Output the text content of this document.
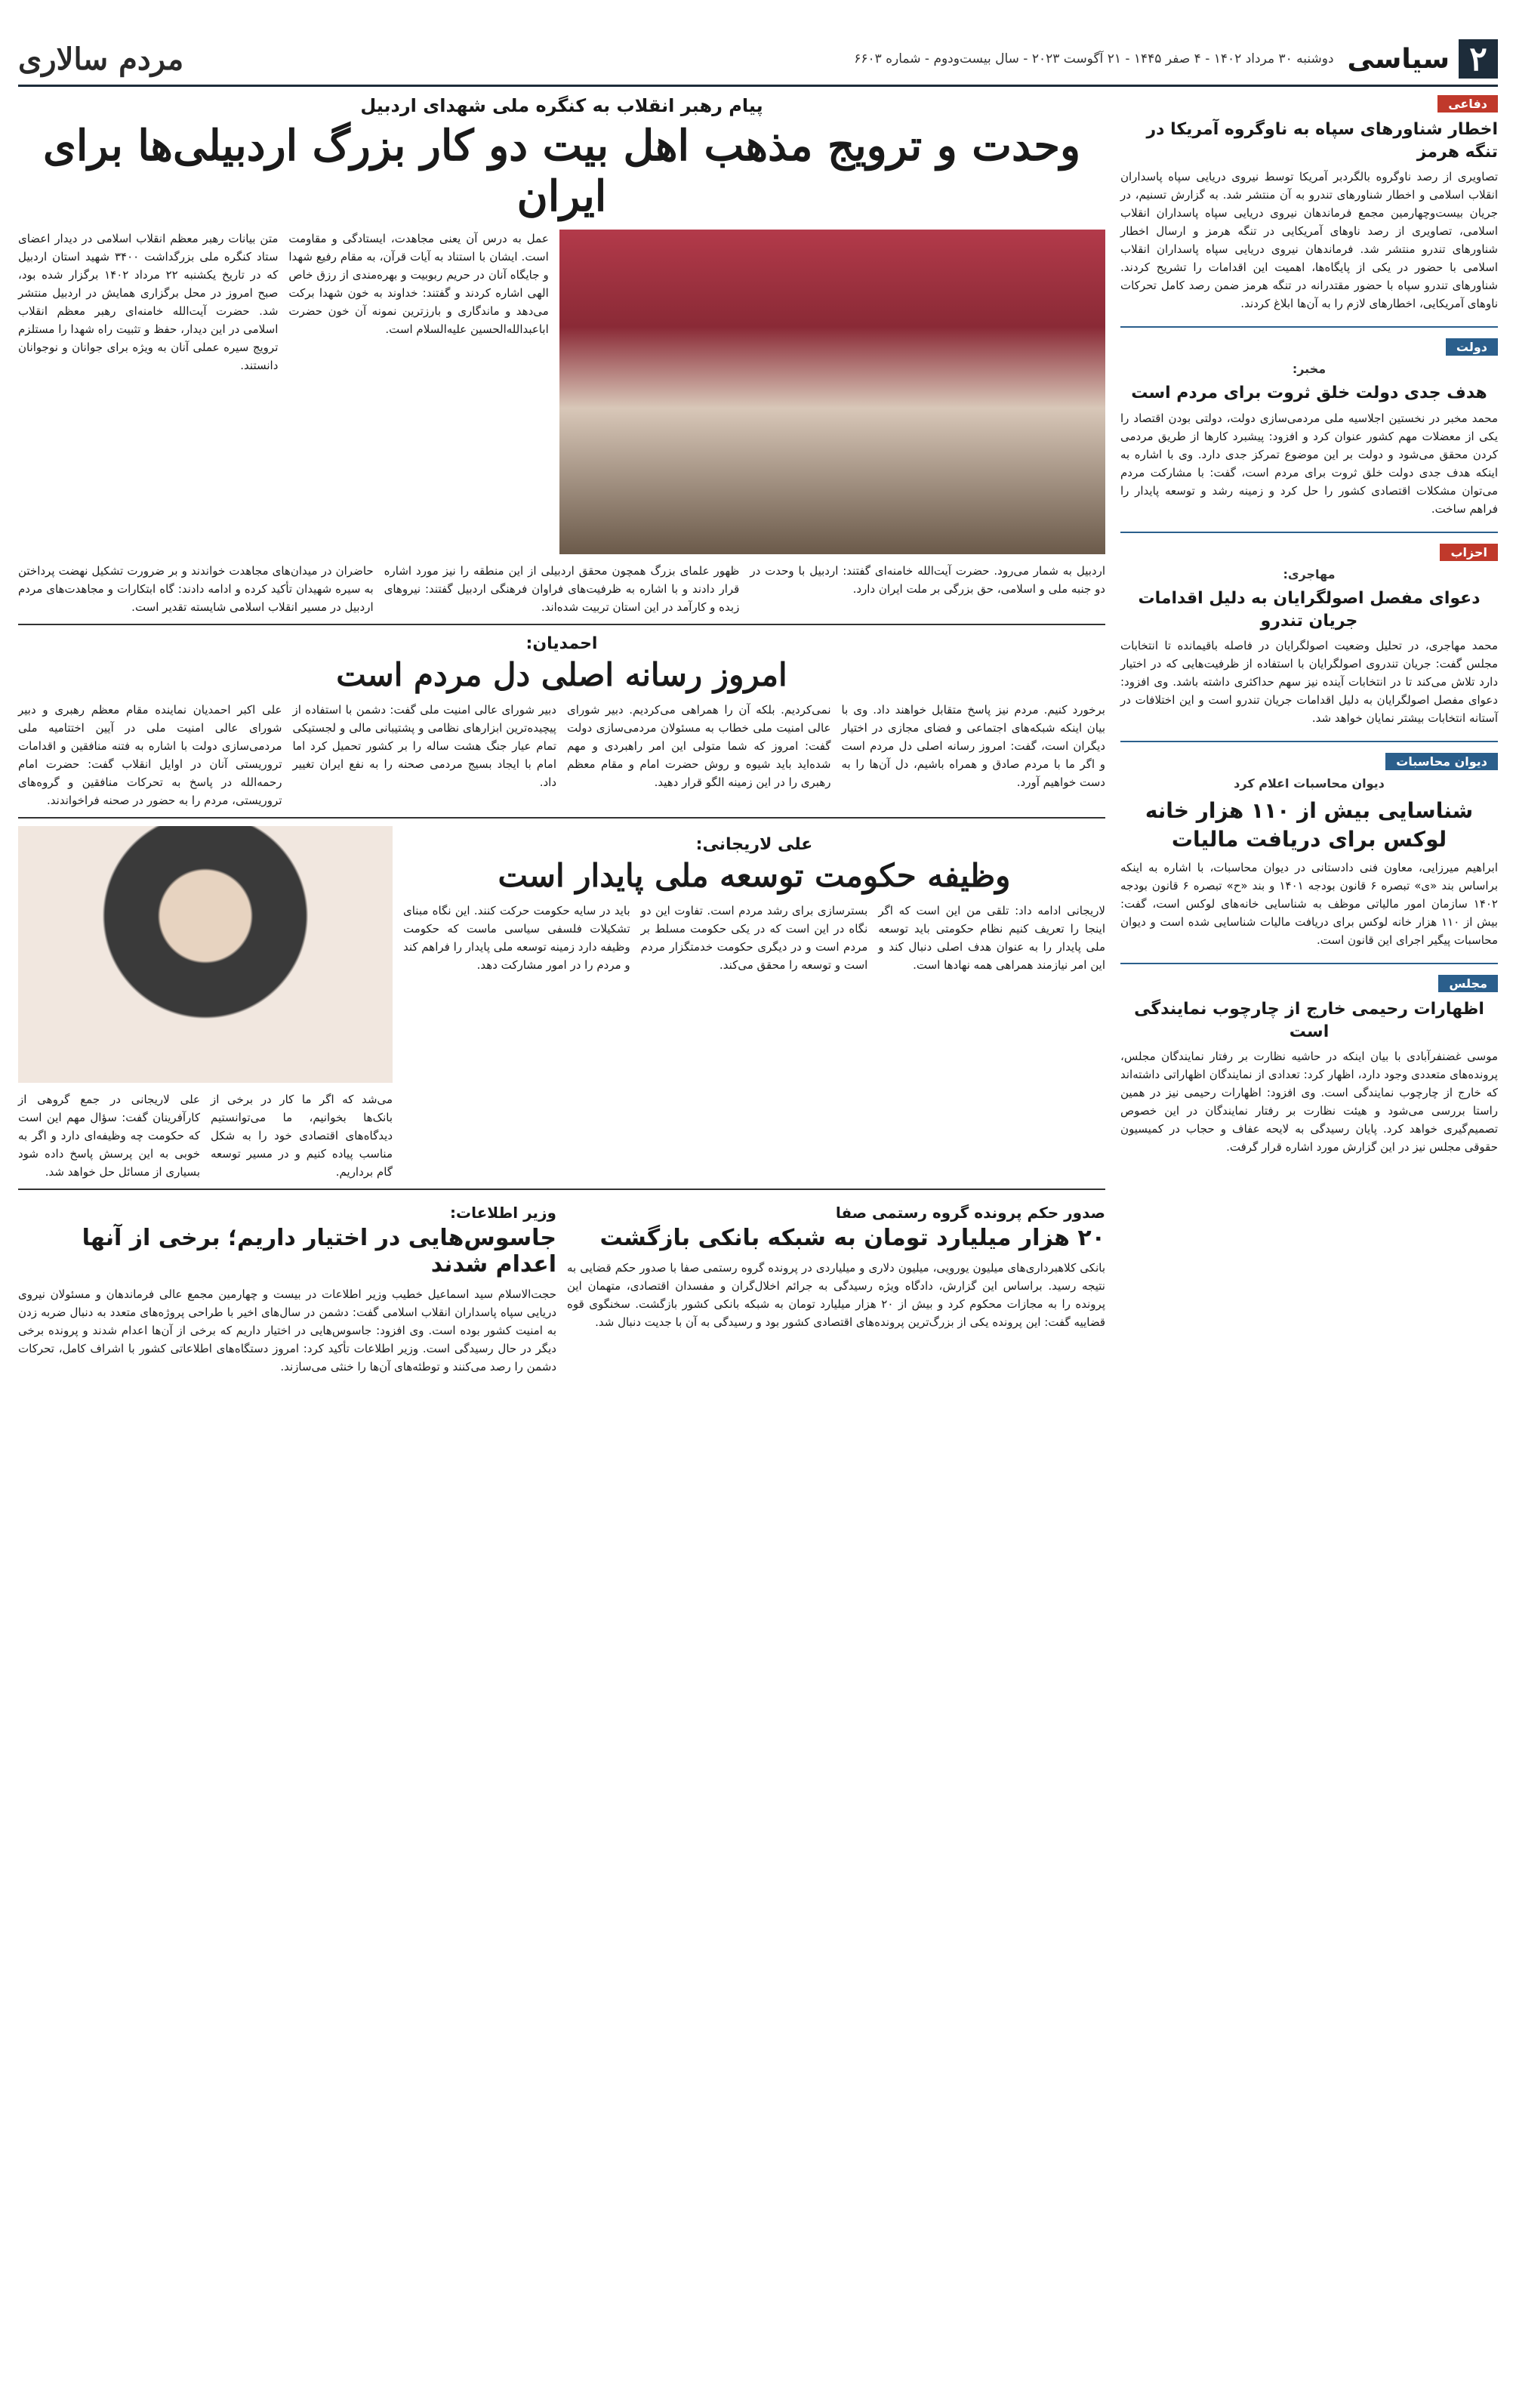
۲
سیاسی
دوشنبه ۳۰ مرداد ۱۴۰۲ - ۴ صفر ۱۴۴۵ - ۲۱ آگوست ۲۰۲۳ - سال بیست‌ودوم - شماره ۶۶۰۳
مردم سالاری
دفاعی
اخطار شناورهای سپاه به ناوگروه آمریکا در تنگه هرمز
تصاویری از رصد ناوگروه بالگردبر آمریکا توسط نیروی دریایی سپاه پاسداران انقلاب اسلامی و اخطار شناورهای تندرو به آن منتشر شد. به گزارش تسنیم، در جریان بیست‌وچهارمین مجمع فرماندهان نیروی دریایی سپاه پاسداران انقلاب اسلامی، تصاویری از رصد ناوهای آمریکایی در تنگه هرمز و ارسال اخطار شناورهای تندرو منتشر شد. فرماندهان نیروی دریایی سپاه پاسداران انقلاب اسلامی با حضور در یکی از پایگاه‌ها، اهمیت این اقدامات را تشریح کردند. شناورهای تندرو سپاه با حضور مقتدرانه در تنگه هرمز ضمن رصد کامل تحرکات ناوهای آمریکایی، اخطارهای لازم را به آن‌ها ابلاغ کردند.
دولت
مخبر:
هدف جدی دولت خلق ثروت برای مردم است
محمد مخبر در نخستین اجلاسیه ملی مردمی‌سازی دولت، دولتی بودن اقتصاد را یکی از معضلات مهم کشور عنوان کرد و افزود: پیشبرد کارها از طریق مردمی کردن محقق می‌شود و دولت بر این موضوع تمرکز جدی دارد. وی با اشاره به اینکه هدف جدی دولت خلق ثروت برای مردم است، گفت: با مشارکت مردم می‌توان مشکلات اقتصادی کشور را حل کرد و زمینه رشد و توسعه پایدار را فراهم ساخت.
احزاب
مهاجری:
دعوای مفصل اصولگرایان به دلیل اقدامات جریان تندرو
محمد مهاجری، در تحلیل وضعیت اصولگرایان در فاصله باقیمانده تا انتخابات مجلس گفت: جریان تندروی اصولگرایان با استفاده از ظرفیت‌هایی که در اختیار دارد تلاش می‌کند تا در انتخابات آینده نیز سهم حداکثری داشته باشد. وی افزود: دعوای مفصل اصولگرایان به دلیل اقدامات جریان تندرو است و این اختلافات در آستانه انتخابات بیشتر نمایان خواهد شد.
دیوان محاسبات
دیوان محاسبات اعلام کرد
شناسایی بیش از ۱۱۰ هزار خانه لوکس برای دریافت مالیات
ابراهیم میرزایی، معاون فنی دادستانی در دیوان محاسبات، با اشاره به اینکه براساس بند «ی» تبصره ۶ قانون بودجه ۱۴۰۱ و بند «ح» تبصره ۶ قانون بودجه ۱۴۰۲ سازمان امور مالیاتی موظف به شناسایی خانه‌های لوکس است، گفت: بیش از ۱۱۰ هزار خانه لوکس برای دریافت مالیات شناسایی شده است و دیوان محاسبات پیگیر اجرای این قانون است.
مجلس
اظهارات رحیمی خارج از چارچوب نمایندگی است
موسی غضنفرآبادی با بیان اینکه در حاشیه نظارت بر رفتار نمایندگان مجلس، پرونده‌های متعددی وجود دارد، اظهار کرد: تعدادی از نمایندگان اظهاراتی داشته‌اند که خارج از چارچوب نمایندگی است. وی افزود: اظهارات رحیمی نیز در همین راستا بررسی می‌شود و هیئت نظارت بر رفتار نمایندگان در این خصوص تصمیم‌گیری خواهد کرد. پایان رسیدگی به لایحه عفاف و حجاب در کمیسیون حقوقی مجلس نیز در این گزارش مورد اشاره قرار گرفت.
پیام رهبر انقلاب به کنگره ملی شهدای اردبیل
وحدت و ترویج مذهب اهل بیت دو کار بزرگ اردبیلی‌ها برای ایران
عمل به درس آن یعنی مجاهدت، ایستادگی و مقاومت است. ایشان با استناد به آیات قرآن، به مقام رفیع شهدا و جایگاه آنان در حریم ربوبیت و بهره‌مندی از رزق خاص الهی اشاره کردند و گفتند: خداوند به خون شهدا برکت می‌دهد و ماندگاری و بارزترین نمونه آن خون حضرت اباعبدالله‌الحسین علیه‌السلام است.
متن بیانات رهبر معظم انقلاب اسلامی در دیدار اعضای ستاد کنگره ملی بزرگداشت ۳۴۰۰ شهید استان اردبیل که در تاریخ یکشنبه ۲۲ مرداد ۱۴۰۲ برگزار شده بود، صبح امروز در محل برگزاری همایش در اردبیل منتشر شد. حضرت آیت‌الله خامنه‌ای رهبر معظم انقلاب اسلامی در این دیدار، حفظ و تثبیت راه شهدا را مستلزم ترویج سیره عملی آنان به ویژه برای جوانان و نوجوانان دانستند.
اردبیل به شمار می‌رود. حضرت آیت‌الله خامنه‌ای گفتند: اردبیل با وحدت در دو جنبه ملی و اسلامی، حق بزرگی بر ملت ایران دارد.
ظهور علمای بزرگ همچون محقق اردبیلی از این منطقه را نیز مورد اشاره قرار دادند و با اشاره به ظرفیت‌های فراوان فرهنگی اردبیل گفتند: نیروهای زبده و کارآمد در این استان تربیت شده‌اند.
حاضران در میدان‌های مجاهدت خواندند و بر ضرورت تشکیل نهضت پرداختن به سیره شهیدان تأکید کرده و ادامه دادند: گاه ابتکارات و مجاهدت‌های مردم اردبیل در مسیر انقلاب اسلامی شایسته تقدیر است.
احمدیان:
امروز رسانه اصلی دل مردم است
برخورد کنیم. مردم نیز پاسخ متقابل خواهند داد. وی با بیان اینکه شبکه‌های اجتماعی و فضای مجازی در اختیار دیگران است، گفت: امروز رسانه اصلی دل مردم است و اگر ما با مردم صادق و همراه باشیم، دل آن‌ها را به دست خواهیم آورد.
نمی‌کردیم. بلکه آن را همراهی می‌کردیم. دبیر شورای عالی امنیت ملی خطاب به مسئولان مردمی‌سازی دولت گفت: امروز که شما متولی این امر راهبردی و مهم شده‌اید باید شیوه و روش حضرت امام و مقام معظم رهبری را در این زمینه الگو قرار دهید.
دبیر شورای عالی امنیت ملی گفت: دشمن با استفاده از پیچیده‌ترین ابزارهای نظامی و پشتیبانی مالی و لجستیکی تمام عیار جنگ هشت ساله را بر کشور تحمیل کرد اما امام با ایجاد بسیج مردمی صحنه را به نفع ایران تغییر داد.
علی اکبر احمدیان نماینده مقام معظم رهبری و دبیر شورای عالی امنیت ملی در آیین اختتامیه ملی مردمی‌سازی دولت با اشاره به فتنه منافقین و اقدامات تروریستی آنان در اوایل انقلاب گفت: حضرت امام رحمه‌الله در پاسخ به تحرکات منافقین و گروه‌های تروریستی، مردم را به حضور در صحنه فراخواندند.
علی لاریجانی:
وظیفه حکومت توسعه ملی پایدار است
لاریجانی ادامه داد: تلقی من این است که اگر اینجا را تعریف کنیم نظام حکومتی باید توسعه ملی پایدار را به عنوان هدف اصلی دنبال کند و این امر نیازمند همراهی همه نهادها است.
بسترسازی برای رشد مردم است. تفاوت این دو نگاه در این است که در یکی حکومت مسلط بر مردم است و در دیگری حکومت خدمتگزار مردم است و توسعه را محقق می‌کند.
باید در سایه حکومت حرکت کنند. این نگاه مبنای تشکیلات فلسفی سیاسی ماست که حکومت وظیفه دارد زمینه توسعه ملی پایدار را فراهم کند و مردم را در امور مشارکت دهد.
می‌شد که اگر ما کار در برخی از بانک‌ها بخوانیم، ما می‌توانستیم دیدگاه‌های اقتصادی خود را به شکل مناسب پیاده کنیم و در مسیر توسعه گام برداریم.
علی لاریجانی در جمع گروهی از کارآفرینان گفت: سؤال مهم این است که حکومت چه وظیفه‌ای دارد و اگر به خوبی به این پرسش پاسخ داده شود بسیاری از مسائل حل خواهد شد.
صدور حکم پرونده گروه رستمی صفا
۲۰ هزار میلیارد تومان به شبکه بانکی بازگشت
بانکی کلاهبرداری‌های میلیون یورویی، میلیون دلاری و میلیاردی در پرونده گروه رستمی صفا با صدور حکم قضایی به نتیجه رسید. براساس این گزارش، دادگاه ویژه رسیدگی به جرائم اخلال‌گران و مفسدان اقتصادی، متهمان این پرونده را به مجازات محکوم کرد و بیش از ۲۰ هزار میلیارد تومان به شبکه بانکی کشور بازگشت. سخنگوی قوه قضاییه گفت: این پرونده یکی از بزرگ‌ترین پرونده‌های اقتصادی کشور بود و رسیدگی به آن با جدیت دنبال شد.
وزیر اطلاعات:
جاسوس‌هایی در اختیار داریم؛ برخی از آنها اعدام شدند
حجت‌الاسلام سید اسماعیل خطیب وزیر اطلاعات در بیست و چهارمین مجمع عالی فرماندهان و مسئولان نیروی دریایی سپاه پاسداران انقلاب اسلامی گفت: دشمن در سال‌های اخیر با طراحی پروژه‌های متعدد به دنبال ضربه زدن به امنیت کشور بوده است. وی افزود: جاسوس‌هایی در اختیار داریم که برخی از آن‌ها اعدام شدند و پرونده برخی دیگر در حال رسیدگی است. وزیر اطلاعات تأکید کرد: امروز دستگاه‌های اطلاعاتی کشور با اشراف کامل، تحرکات دشمن را رصد می‌کنند و توطئه‌های آن‌ها را خنثی می‌سازند.
